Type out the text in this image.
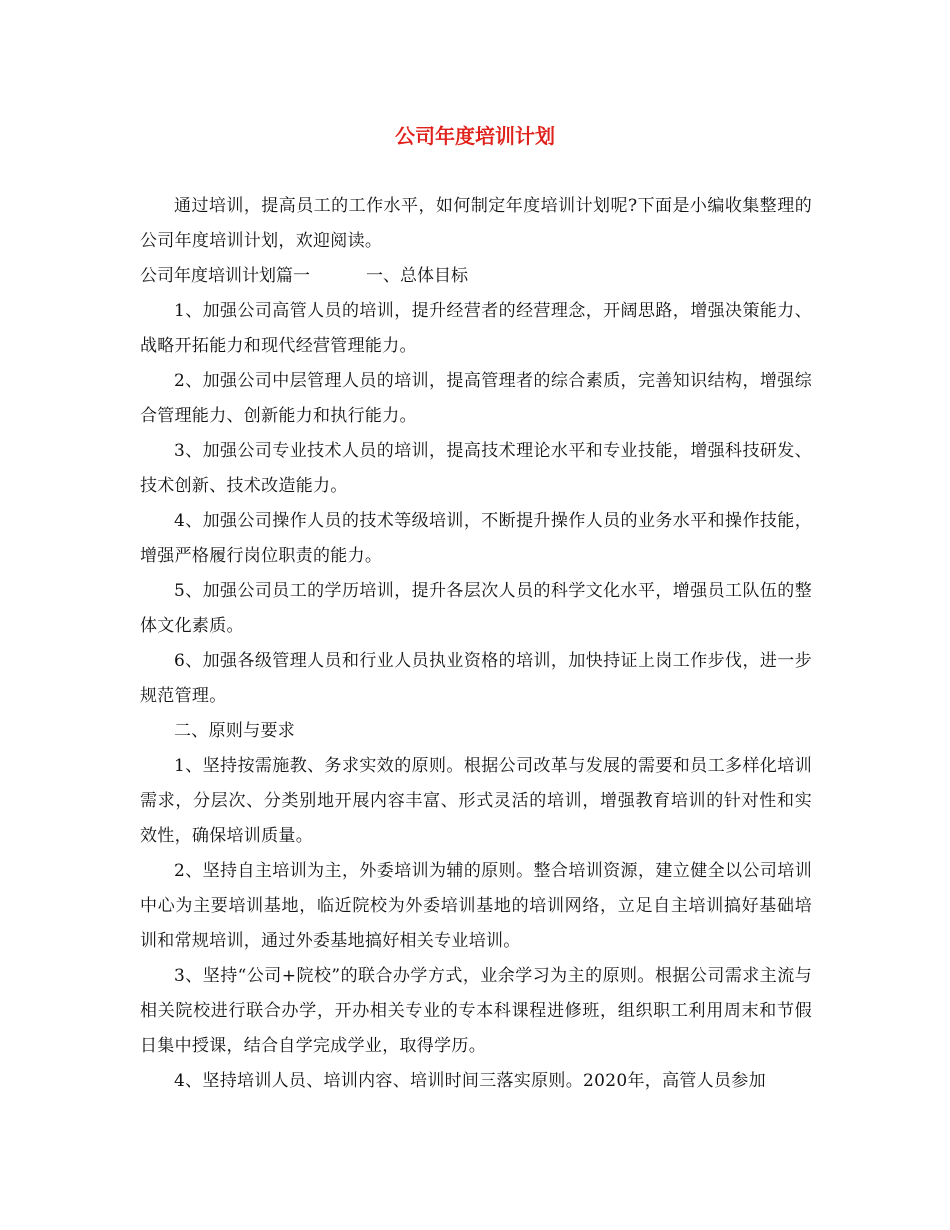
公司年度培训计划

通过培训，提高员工的工作水平，如何制定年度培训计划呢?下面是小编收集整理的公司年度培训计划，欢迎阅读。

公司年度培训计划篇一	一、总体目标

1、加强公司高管人员的培训，提升经营者的经营理念，开阔思路，增强决策能力、战略开拓能力和现代经营管理能力。

2、加强公司中层管理人员的培训，提高管理者的综合素质，完善知识结构，增强综合管理能力、创新能力和执行能力。

3、加强公司专业技术人员的培训，提高技术理论水平和专业技能，增强科技研发、技术创新、技术改造能力。

4、加强公司操作人员的技术等级培训，不断提升操作人员的业务水平和操作技能，增强严格履行岗位职责的能力。

5、加强公司员工的学历培训，提升各层次人员的科学文化水平，增强员工队伍的整体文化素质。

6、加强各级管理人员和行业人员执业资格的培训，加快持证上岗工作步伐，进一步规范管理。

二、原则与要求

1、坚持按需施教、务求实效的原则。根据公司改革与发展的需要和员工多样化培训需求，分层次、分类别地开展内容丰富、形式灵活的培训，增强教育培训的针对性和实效性，确保培训质量。

2、坚持自主培训为主，外委培训为辅的原则。整合培训资源，建立健全以公司培训中心为主要培训基地，临近院校为外委培训基地的培训网络，立足自主培训搞好基础培训和常规培训，通过外委基地搞好相关专业培训。

3、坚持“公司+院校”的联合办学方式，业余学习为主的原则。根据公司需求主流与相关院校进行联合办学，开办相关专业的专本科课程进修班，组织职工利用周末和节假日集中授课，结合自学完成学业，取得学历。

4、坚持培训人员、培训内容、培训时间三落实原则。2020年，高管人员参加
